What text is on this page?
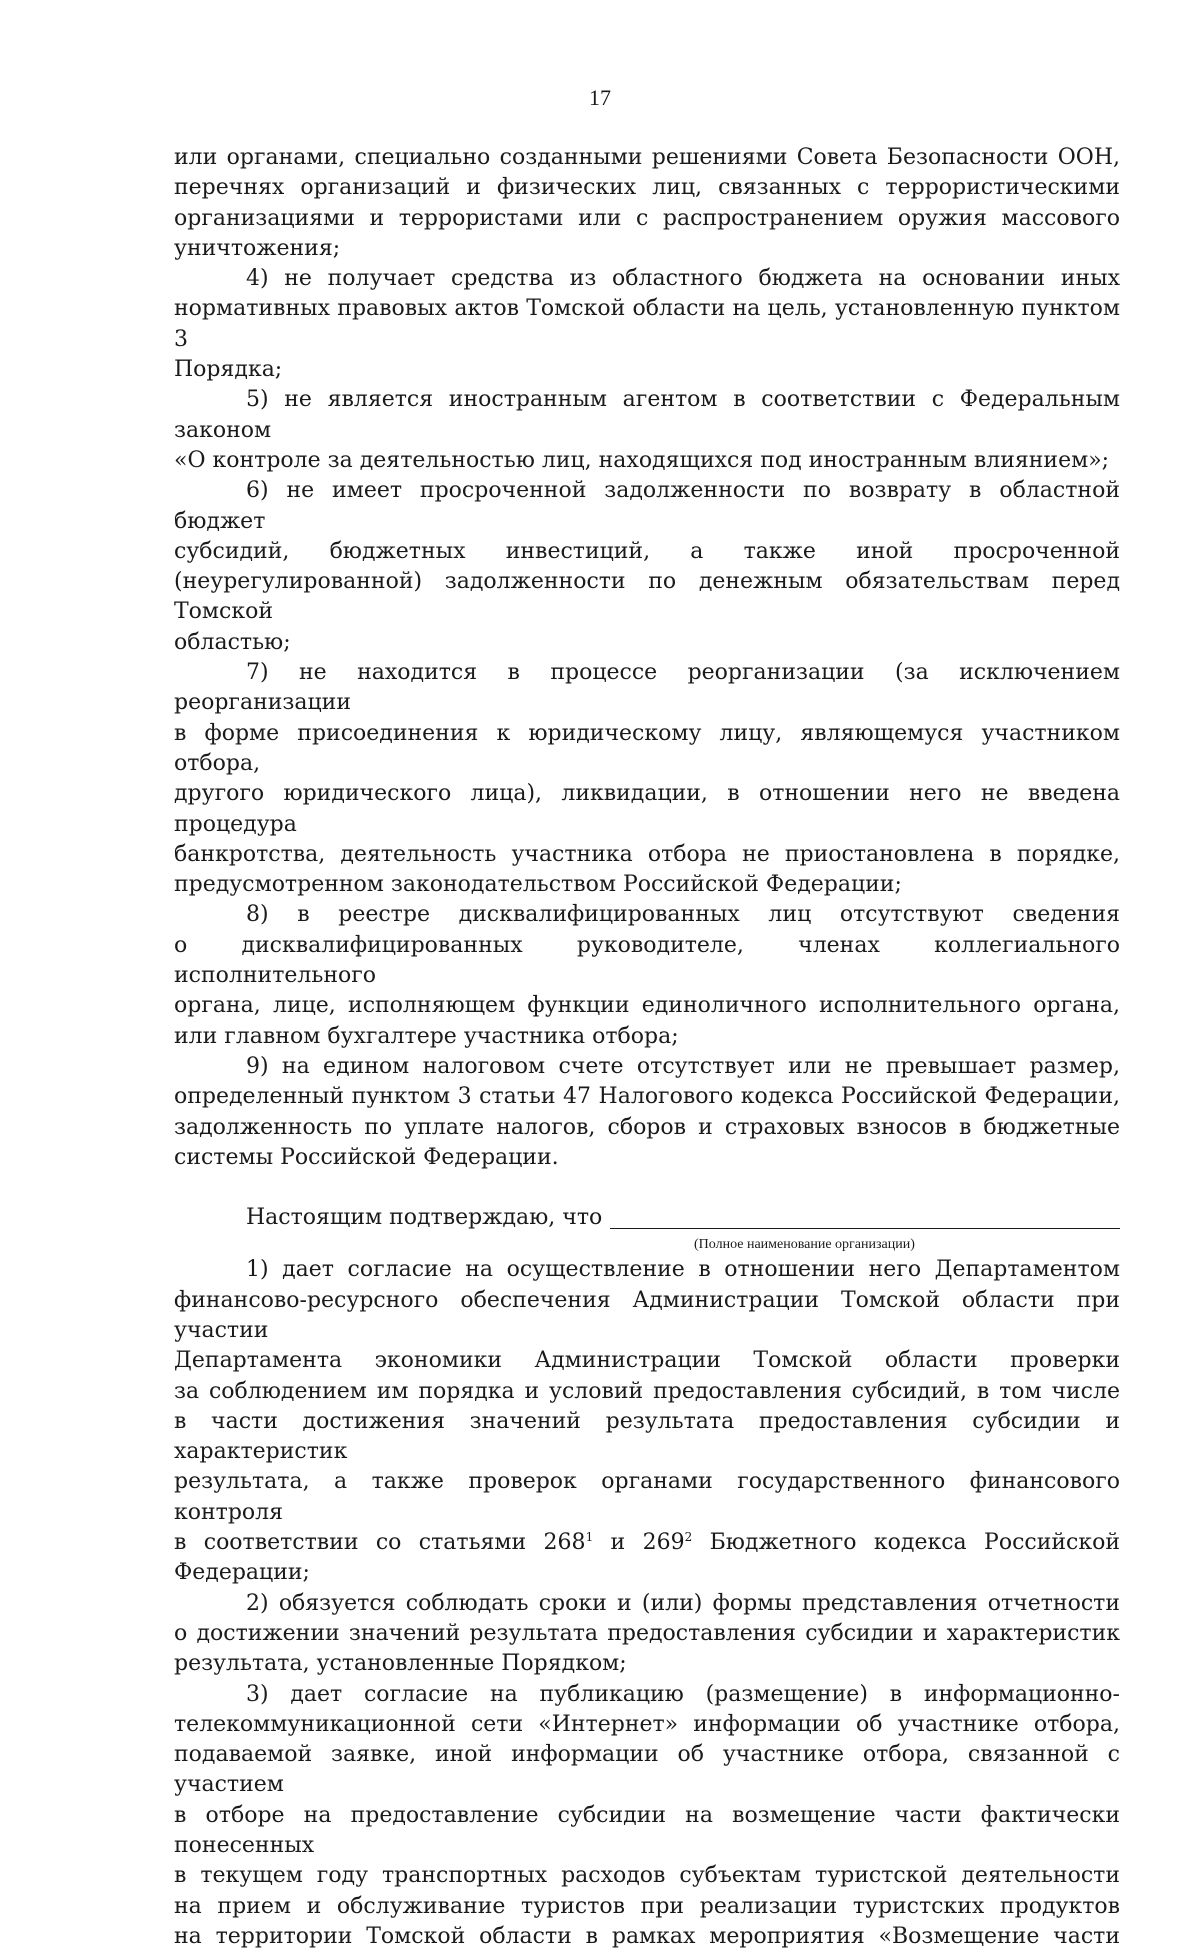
17
или органами, специально созданными решениями Совета Безопасности ООН,
перечнях организаций и физических лиц, связанных с террористическими
организациями и террористами или с распространением оружия массового
уничтожения;
4) не получает средства из областного бюджета на основании иных
нормативных правовых актов Томской области на цель, установленную пунктом 3
Порядка;
5) не является иностранным агентом в соответствии с Федеральным законом
«О контроле за деятельностью лиц, находящихся под иностранным влиянием»;
6) не имеет просроченной задолженности по возврату в областной бюджет
субсидий, бюджетных инвестиций, а также иной просроченной
(неурегулированной) задолженности по денежным обязательствам перед Томской
областью;
7) не находится в процессе реорганизации (за исключением реорганизации
в форме присоединения к юридическому лицу, являющемуся участником отбора,
другого юридического лица), ликвидации, в отношении него не введена процедура
банкротства, деятельность участника отбора не приостановлена в порядке,
предусмотренном законодательством Российской Федерации;
8) в реестре дисквалифицированных лиц отсутствуют сведения
о дисквалифицированных руководителе, членах коллегиального исполнительного
органа, лице, исполняющем функции единоличного исполнительного органа,
или главном бухгалтере участника отбора;
9) на едином налоговом счете отсутствует или не превышает размер,
определенный пунктом 3 статьи 47 Налогового кодекса Российской Федерации,
задолженность по уплате налогов, сборов и страховых взносов в бюджетные
системы Российской Федерации.
Настоящим подтверждаю, что
(Полное наименование организации)
1) дает согласие на осуществление в отношении него Департаментом
финансово-ресурсного обеспечения Администрации Томской области при участии
Департамента экономики Администрации Томской области проверки
за соблюдением им порядка и условий предоставления субсидий, в том числе
в части достижения значений результата предоставления субсидии и характеристик
результата, а также проверок органами государственного финансового контроля
в соответствии со статьями $268^1$ и $269^2$ Бюджетного кодекса Российской
Федерации;
2) обязуется соблюдать сроки и (или) формы представления отчетности
о достижении значений результата предоставления субсидии и характеристик
результата, установленные Порядком;
3) дает согласие на публикацию (размещение) в информационно-
телекоммуникационной сети «Интернет» информации об участнике отбора,
подаваемой заявке, иной информации об участнике отбора, связанной с участием
в отборе на предоставление субсидии на возмещение части фактически понесенных
в текущем году транспортных расходов субъектам туристской деятельности
на прием и обслуживание туристов при реализации туристских продуктов
на территории Томской области в рамках мероприятия «Возмещение части
